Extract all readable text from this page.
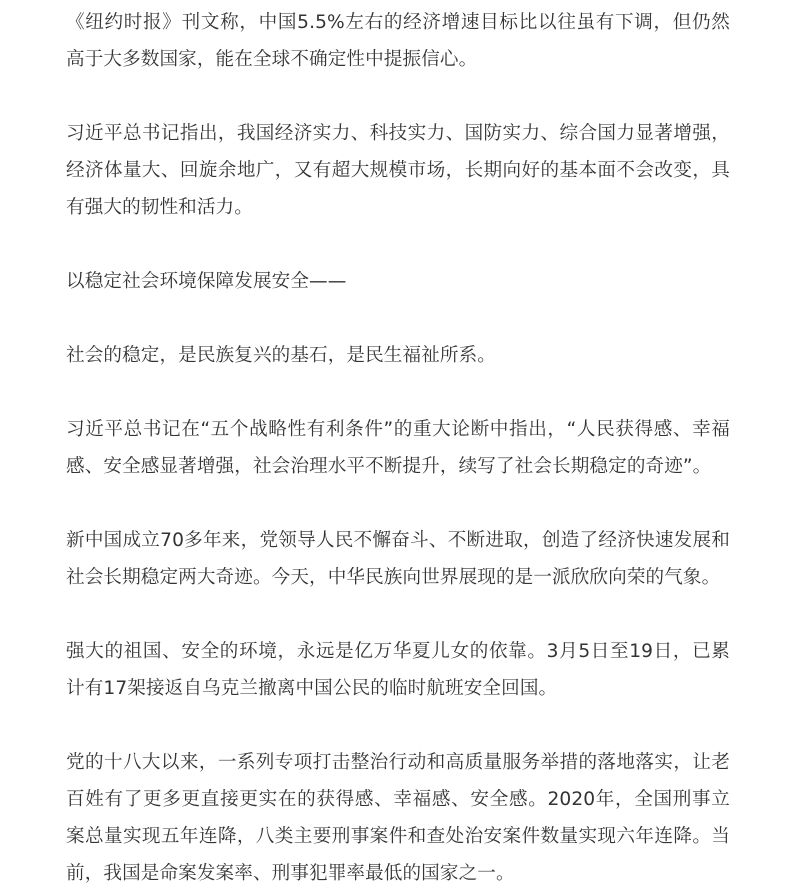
《纽约时报》刊文称，中国5.5%左右的经济增速目标比以往虽有下调，但仍然高于大多数国家，能在全球不确定性中提振信心。

习近平总书记指出，我国经济实力、科技实力、国防实力、综合国力显著增强，经济体量大、回旋余地广，又有超大规模市场，长期向好的基本面不会改变，具有强大的韧性和活力。

以稳定社会环境保障发展安全——

社会的稳定，是民族复兴的基石，是民生福祉所系。

习近平总书记在“五个战略性有利条件”的重大论断中指出，“人民获得感、幸福感、安全感显著增强，社会治理水平不断提升，续写了社会长期稳定的奇迹”。

新中国成立70多年来，党领导人民不懈奋斗、不断进取，创造了经济快速发展和社会长期稳定两大奇迹。今天，中华民族向世界展现的是一派欣欣向荣的气象。

强大的祖国、安全的环境，永远是亿万华夏儿女的依靠。3月5日至19日，已累计有17架接返自乌克兰撤离中国公民的临时航班安全回国。

党的十八大以来，一系列专项打击整治行动和高质量服务举措的落地落实，让老百姓有了更多更直接更实在的获得感、幸福感、安全感。2020年，全国刑事立案总量实现五年连降，八类主要刑事案件和查处治安案件数量实现六年连降。当前，我国是命案发案率、刑事犯罪率最低的国家之一。
